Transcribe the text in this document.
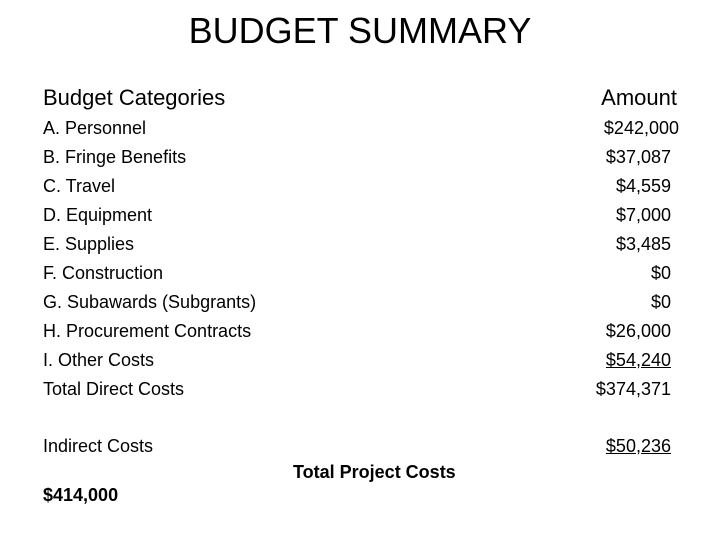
BUDGET SUMMARY
Budget Categories	Amount
A. Personnel	$242,000
B. Fringe Benefits	$37,087
C. Travel	$4,559
D. Equipment	$7,000
E. Supplies	$3,485
F. Construction	$0
G. Subawards (Subgrants)	$0
H. Procurement Contracts	$26,000
I. Other Costs	$54,240
Total Direct Costs	$374,371
Indirect Costs	$50,236
Total Project Costs
$414,000
